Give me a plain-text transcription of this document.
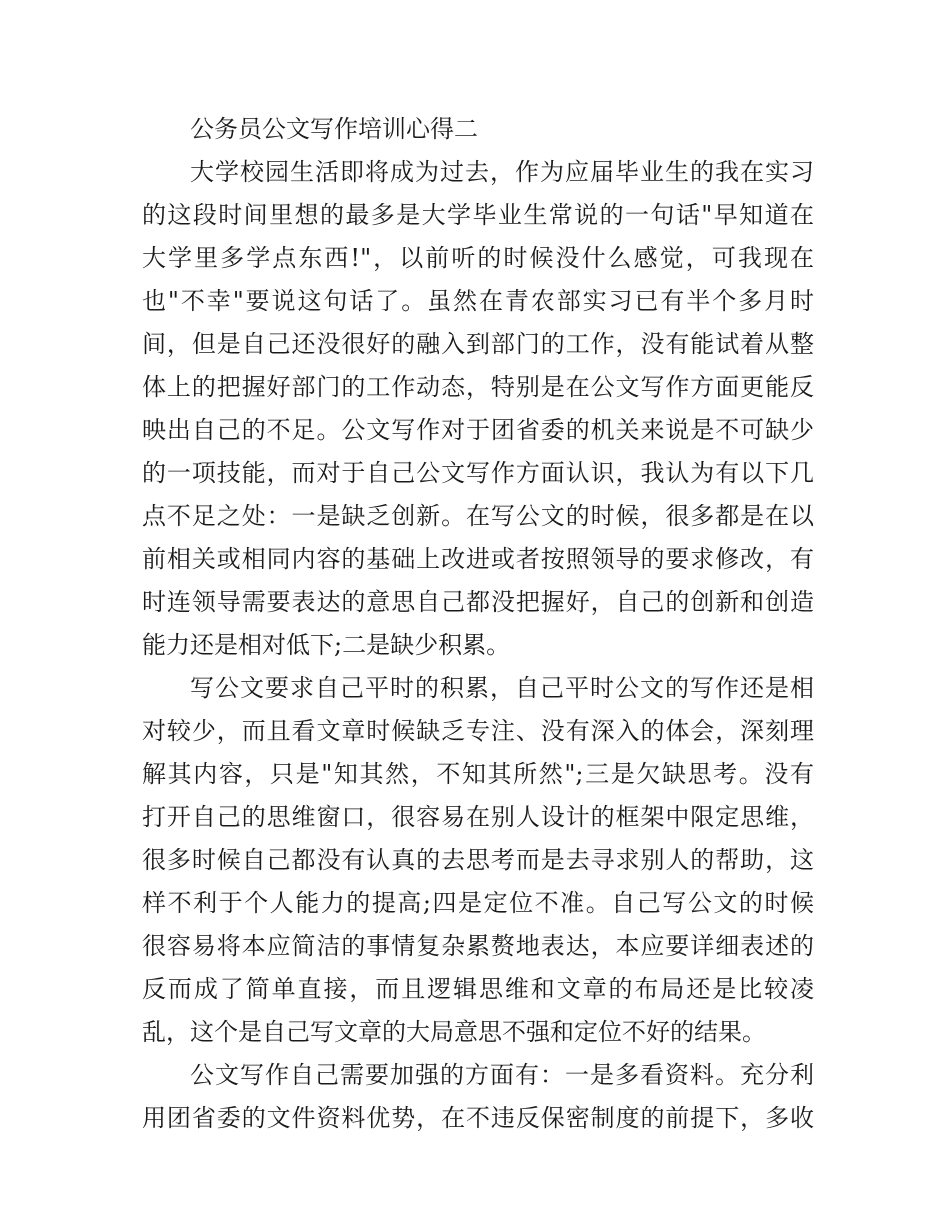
公务员公文写作培训心得二
大学校园生活即将成为过去，作为应届毕业生的我在实习
的这段时间里想的最多是大学毕业生常说的一句话"早知道在
大学里多学点东西!"，以前听的时候没什么感觉，可我现在
也"不幸"要说这句话了。虽然在青农部实习已有半个多月时
间，但是自己还没很好的融入到部门的工作，没有能试着从整
体上的把握好部门的工作动态，特别是在公文写作方面更能反
映出自己的不足。公文写作对于团省委的机关来说是不可缺少
的一项技能，而对于自己公文写作方面认识，我认为有以下几
点不足之处：一是缺乏创新。在写公文的时候，很多都是在以
前相关或相同内容的基础上改进或者按照领导的要求修改，有
时连领导需要表达的意思自己都没把握好，自己的创新和创造
能力还是相对低下;二是缺少积累。
写公文要求自己平时的积累，自己平时公文的写作还是相
对较少，而且看文章时候缺乏专注、没有深入的体会，深刻理
解其内容，只是"知其然，不知其所然";三是欠缺思考。没有
打开自己的思维窗口，很容易在别人设计的框架中限定思维，
很多时候自己都没有认真的去思考而是去寻求别人的帮助，这
样不利于个人能力的提高;四是定位不准。自己写公文的时候
很容易将本应简洁的事情复杂累赘地表达，本应要详细表述的
反而成了简单直接，而且逻辑思维和文章的布局还是比较凌
乱，这个是自己写文章的大局意思不强和定位不好的结果。
公文写作自己需要加强的方面有：一是多看资料。充分利
用团省委的文件资料优势，在不违反保密制度的前提下，多收
